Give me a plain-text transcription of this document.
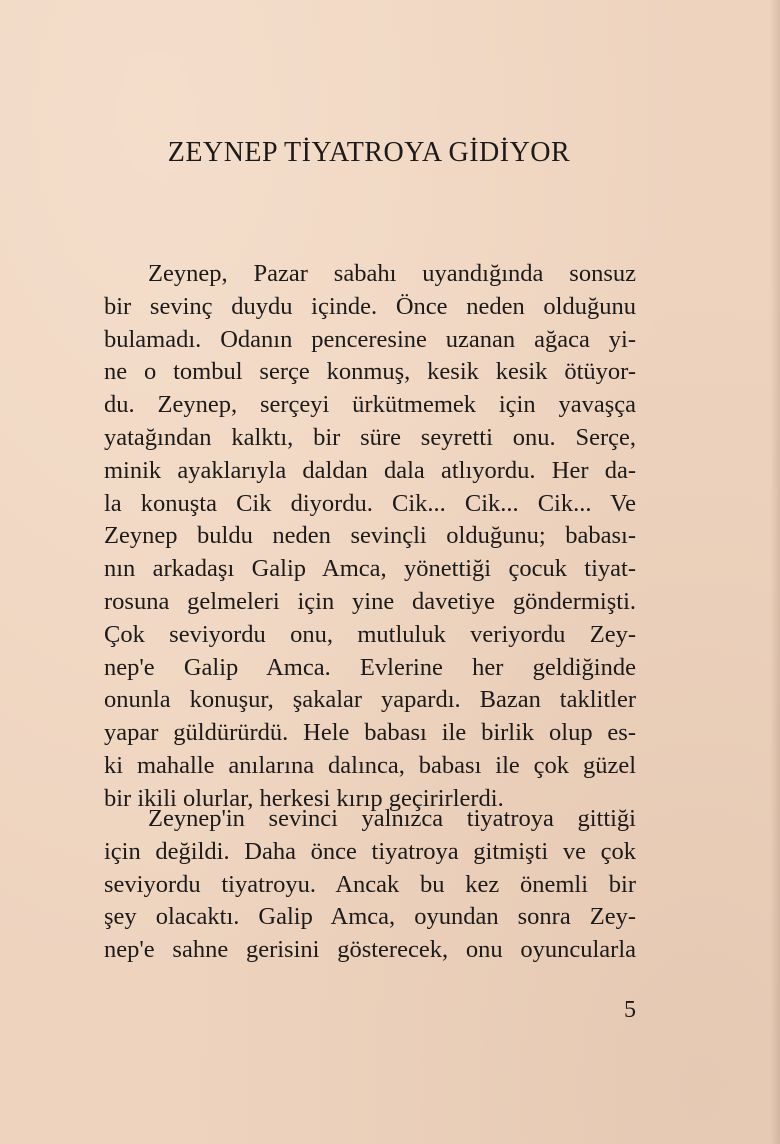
ZEYNEP TİYATROYA GİDİYOR
Zeynep, Pazar sabahı uyandığında sonsuz
bir sevinç duydu içinde. Önce neden olduğunu
bulamadı. Odanın penceresine uzanan ağaca yi-
ne o tombul serçe konmuş, kesik kesik ötüyor-
du. Zeynep, serçeyi ürkütmemek için yavaşça
yatağından kalktı, bir süre seyretti onu. Serçe,
minik ayaklarıyla daldan dala atlıyordu. Her da-
la konuşta Cik diyordu. Cik... Cik... Cik... Ve
Zeynep buldu neden sevinçli olduğunu; babası-
nın arkadaşı Galip Amca, yönettiği çocuk tiyat-
rosuna gelmeleri için yine davetiye göndermişti.
Çok seviyordu onu, mutluluk veriyordu Zey-
nep'e Galip Amca. Evlerine her geldiğinde
onunla konuşur, şakalar yapardı. Bazan taklitler
yapar güldürürdü. Hele babası ile birlik olup es-
ki mahalle anılarına dalınca, babası ile çok güzel
bir ikili olurlar, herkesi kırıp geçirirlerdi.
Zeynep'in sevinci yalnızca tiyatroya gittiği
için değildi. Daha önce tiyatroya gitmişti ve çok
seviyordu tiyatroyu. Ancak bu kez önemli bir
şey olacaktı. Galip Amca, oyundan sonra Zey-
nep'e sahne gerisini gösterecek, onu oyuncularla
5
